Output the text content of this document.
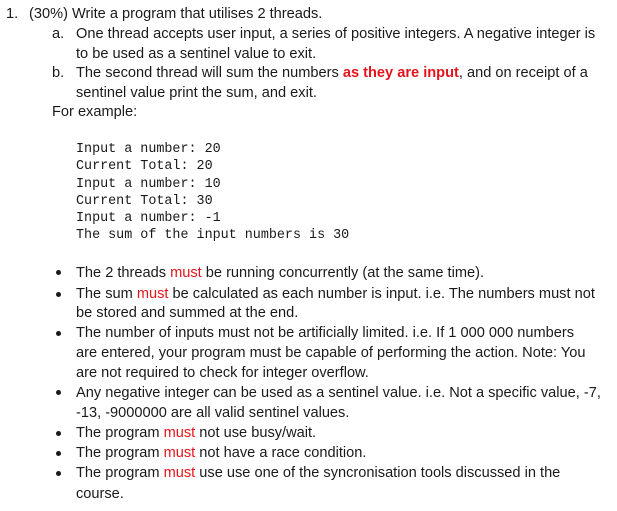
1. (30%) Write a program that utilises 2 threads.
a. One thread accepts user input, a series of positive integers. A negative integer is
to be used as a sentinel value to exit.
b. The second thread will sum the numbers as they are input, and on receipt of a
sentinel value print the sum, and exit.
For example:
Input a number: 20
Current Total: 20
Input a number: 10
Current Total: 30
Input a number: -1
The sum of the input numbers is 30
The 2 threads must be running concurrently (at the same time).
The sum must be calculated as each number is input. i.e. The numbers must not
be stored and summed at the end.
The number of inputs must not be artificially limited. i.e. If 1 000 000 numbers
are entered, your program must be capable of performing the action. Note: You
are not required to check for integer overflow.
Any negative integer can be used as a sentinel value. i.e. Not a specific value, -7,
-13, -9000000 are all valid sentinel values.
The program must not use busy/wait.
The program must not have a race condition.
The program must use use one of the syncronisation tools discussed in the
course.
